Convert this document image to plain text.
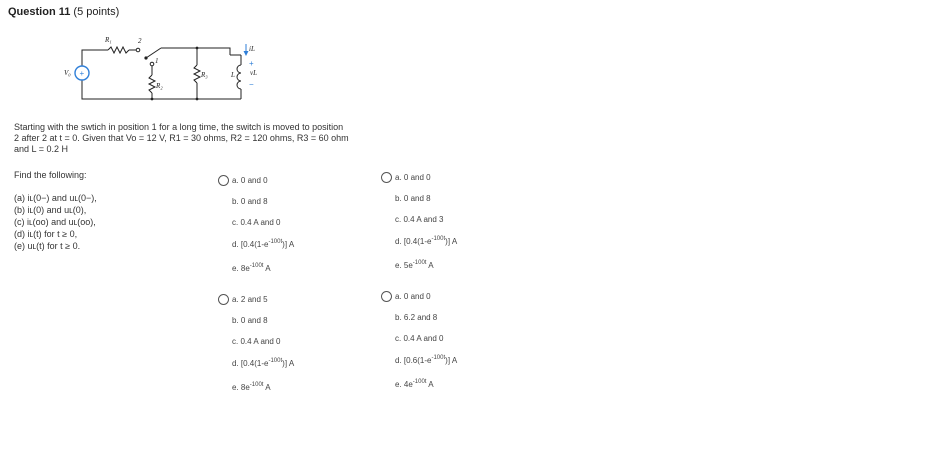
Question 11 (5 points)
R₁	2
1
R₂
R₃	L
iL
vL
V₀
+
−
+
Starting with the swtich in position 1 for a long time, the switch is moved to position
2 after 2 at t = 0. Given that Vo = 12 V, R1 = 30 ohms, R2 = 120 ohms, R3 = 60 ohm
and L = 0.2 H
Find the following:
(a) iʟ(0−) and uʟ(0−),
(b) iʟ(0) and uʟ(0),
(c) iʟ(oo) and uʟ(oo),
(d) iʟ(t) for t ≥ 0,
(e) uʟ(t) for t ≥ 0.
a. 0 and 0
b. 0 and 8
c. 0.4 A and 0
d. $[0.4(1-e^{-100t})]$ A
e. $8e^{-100t}$ A
a. 0 and 0
b. 0 and 8
c. 0.4 A and 3
d. $[0.4(1-e^{-100t})]$ A
e. $5e^{-100t}$ A
a. 2 and 5
b. 0 and 8
c. 0.4 A and 0
d. $[0.4(1-e^{-100t})]$ A
e. $8e^{-100t}$ A
a. 0 and 0
b. 6.2 and 8
c. 0.4 A and 0
d. $[0.6(1-e^{-100t})]$ A
e. $4e^{-100t}$ A
